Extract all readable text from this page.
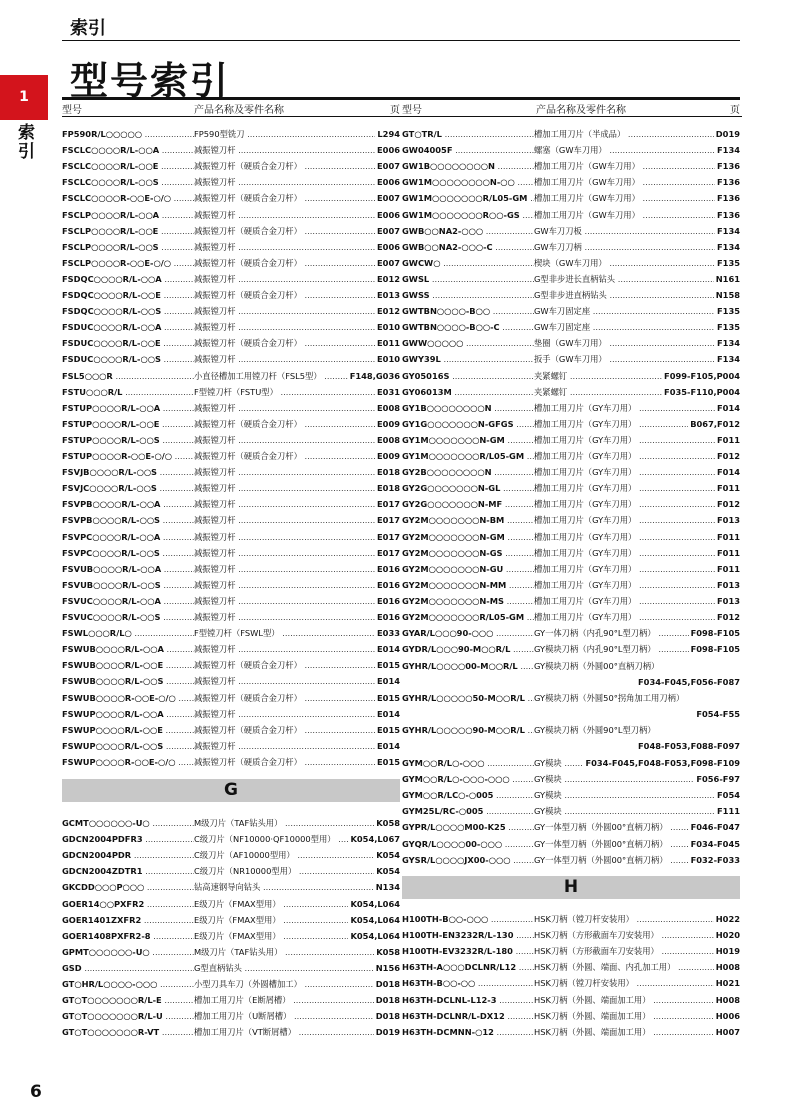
索引
型号索引
1
索引
型号	产品名称及零件名称	页
FP590R/L○○○○○ .....	FP590型铣刀 .....	L294
FSCLC○○○○R/L-○○A .....	减振镗刀杆 .....	E006
FSCLC○○○○R/L-○○E .....	减振镗刀杆（硬质合金刀杆） .....	E007
FSCLC○○○○R/L-○○S .....	减振镗刀杆 .....	E006
FSCLC○○○○R-○○E-○/○ .....	减振镗刀杆（硬质合金刀杆） .....	E007
FSCLP○○○○R/L-○○A .....	减振镗刀杆 .....	E006
FSCLP○○○○R/L-○○E .....	减振镗刀杆（硬质合金刀杆） .....	E007
FSCLP○○○○R/L-○○S .....	减振镗刀杆 .....	E006
FSCLP○○○○R-○○E-○/○ .....	减振镗刀杆（硬质合金刀杆） .....	E007
FSDQC○○○○R/L-○○A .....	减振镗刀杆 .....	E012
FSDQC○○○○R/L-○○E .....	减振镗刀杆（硬质合金刀杆） .....	E013
FSDQC○○○○R/L-○○S .....	减振镗刀杆 .....	E012
FSDUC○○○○R/L-○○A .....	减振镗刀杆 .....	E010
FSDUC○○○○R/L-○○E .....	减振镗刀杆（硬质合金刀杆） .....	E011
FSDUC○○○○R/L-○○S .....	减振镗刀杆 .....	E010
FSL5○○○R .....	小直径槽加工用镗刀杆（FSL5型） .....	F148,G036
FSTU○○○R/L .....	F型镗刀杆（FSTU型） .....	E031
FSTUP○○○○R/L-○○A .....	减振镗刀杆 .....	E008
FSTUP○○○○R/L-○○E .....	减振镗刀杆（硬质合金刀杆） .....	E009
FSTUP○○○○R/L-○○S .....	减振镗刀杆 .....	E008
FSTUP○○○○R-○○E-○/○ .....	减振镗刀杆（硬质合金刀杆） .....	E009
FSVJB○○○○R/L-○○S .....	减振镗刀杆 .....	E018
FSVJC○○○○R/L-○○S .....	减振镗刀杆 .....	E018
FSVPB○○○○R/L-○○A .....	减振镗刀杆 .....	E017
FSVPB○○○○R/L-○○S .....	减振镗刀杆 .....	E017
FSVPC○○○○R/L-○○A .....	减振镗刀杆 .....	E017
FSVPC○○○○R/L-○○S .....	减振镗刀杆 .....	E017
FSVUB○○○○R/L-○○A .....	减振镗刀杆 .....	E016
FSVUB○○○○R/L-○○S .....	减振镗刀杆 .....	E016
FSVUC○○○○R/L-○○A .....	减振镗刀杆 .....	E016
FSVUC○○○○R/L-○○S .....	减振镗刀杆 .....	E016
FSWL○○○R/L○ .....	F型镗刀杆（FSWL型） .....	E033
FSWUB○○○○R/L-○○A .....	减振镗刀杆 .....	E014
FSWUB○○○○R/L-○○E .....	减振镗刀杆（硬质合金刀杆） .....	E015
FSWUB○○○○R/L-○○S .....	减振镗刀杆 .....	E014
FSWUB○○○○R-○○E-○/○ .....	减振镗刀杆（硬质合金刀杆） .....	E015
FSWUP○○○○R/L-○○A .....	减振镗刀杆 .....	E014
FSWUP○○○○R/L-○○E .....	减振镗刀杆（硬质合金刀杆） .....	E015
FSWUP○○○○R/L-○○S .....	减振镗刀杆 .....	E014
FSWUP○○○○R-○○E-○/○ .....	减振镗刀杆（硬质合金刀杆） .....	E015
G
GCMT○○○○○○-U○ .....	M级刀片（TAF钻头用） .....	K058
GDCN2004PDFR3 .....	C级刀片（NF10000·QF10000型用） .....	K054,L067
GDCN2004PDR .....	C级刀片（AF10000型用） .....	K054
GDCN2004ZDTR1 .....	C级刀片（NR10000型用） .....	K054
GKCDD○○○P○○○ .....	钻高速钢导向钻头 .....	N134
GOER14○○PXFR2 .....	E级刀片（FMAX型用） .....	K054,L064
GOER1401ZXFR2 .....	E级刀片（FMAX型用） .....	K054,L064
GOER1408PXFR2-8 .....	E级刀片（FMAX型用） .....	K054,L064
GPMT○○○○○○-U○ .....	M级刀片（TAF钻头用） .....	K058
GSD .....	G型直柄钻头 .....	N156
GT○HR/L○○○○-○○○ .....	小型刀具车刀（外圆槽加工） .....	D018
GT○T○○○○○○○R/L-E .....	槽加工用刀片（E断屑槽） .....	D018
GT○T○○○○○○○R/L-U .....	槽加工用刀片（U断屑槽） .....	D018
GT○T○○○○○○○R-VT .....	槽加工用刀片（VT断屑槽） .....	D019
型号	产品名称及零件名称	页
GT○TR/L .....	槽加工用刀片（半成品） .....	D019
GW04005F .....	螺塞（GW车刀用） .....	F134
GW1B○○○○○○○○N .....	槽加工用刀片（GW车刀用） .....	F136
GW1M○○○○○○○○N-○○ .....	槽加工用刀片（GW车刀用） .....	F136
GW1M○○○○○○○R/L05-GM ..... 槽加工用刀片（GW车刀用） .....	F136
GW1M○○○○○○○R○○-GS .....	槽加工用刀片（GW车刀用） .....	F136
GWB○○NA2-○○○ .....	GW车刀刀板 .....	F134
GWB○○NA2-○○○-C .....	GW车刀刀柄 .....	F134
GWCW○ .....	楔块（GW车刀用） .....	F135
GWSL .....	G型非步进长直柄钻头 .....	N161
GWSS .....	G型非步进直柄钻头 .....	N158
GWTBN○○○○-B○○ .....	GW车刀固定座 .....	F135
GWTBN○○○○-B○○-C .....	GW车刀固定座 .....	F135
GWW○○○○○ .....	垫圈（GW车刀用） .....	F134
GWY39L .....	扳手（GW车刀用） .....	F134
GY05016S .....	夹紧螺钉 .....	F099-F105,P004
GY06013M .....	夹紧螺钉 .....	F035-F110,P004
GY1B○○○○○○○○N .....	槽加工用刀片（GY车刀用） .....	F014
GY1G○○○○○○○N-GFGS .....	槽加工用刀片（GY车刀用） .....	B067,F012
GY1M○○○○○○○N-GM .....	槽加工用刀片（GY车刀用） .....	F011
GY1M○○○○○○○R/L05-GM .....	槽加工用刀片（GY车刀用） .....	F012
GY2B○○○○○○○○N .....	槽加工用刀片（GY车刀用） .....	F014
GY2G○○○○○○○N-GL .....	槽加工用刀片（GY车刀用） .....	F011
GY2G○○○○○○○N-MF .....	槽加工用刀片（GY车刀用） .....	F012
GY2M○○○○○○○N-BM .....	槽加工用刀片（GY车刀用） .....	F013
GY2M○○○○○○○N-GM .....	槽加工用刀片（GY车刀用） .....	F011
GY2M○○○○○○○N-GS .....	槽加工用刀片（GY车刀用） .....	F011
GY2M○○○○○○○N-GU .....	槽加工用刀片（GY车刀用） .....	F011
GY2M○○○○○○○N-MM .....	槽加工用刀片（GY车刀用） .....	F013
GY2M○○○○○○○N-MS .....	槽加工用刀片（GY车刀用） .....	F013
GY2M○○○○○○○R/L05-GM .....	槽加工用刀片（GY车刀用） .....	F012
GYAR/L○○○90-○○○ .....	GY一体刀柄（内孔90°L型刀柄） .....	F098-F105
GYDR/L○○○90-M○○R/L .....	GY模块刀柄（内孔90°L型刀柄） .....	F098-F105
GYHR/L○○○○00-M○○R/L .....	GY模块刀柄（外圆00°直柄刀柄）
F034-F045,F056-F087
GYHR/L○○○○○50-M○○R/L .....	GY模块刀柄（外圆50°拐角加工用刀柄）
F054-F55
GYHR/L○○○○○90-M○○R/L .....	GY模块刀柄（外圆90°L型刀柄）
F048-F053,F088-F097
GYM○○R/L○-○○○ .....	GY模块 .....	F034-F045,F048-F053,F098-F109
GYM○○R/L○-○○○-○○○ .....	GY模块 .....	F056-F97
GYM○○R/LC○-○005 .....	GY模块 .....	F054
GYM25L/RC-○005 .....	GY模块 .....	F111
GYPR/L○○○○M00-K25 .....	GY一体型刀柄（外圆00°直柄刀柄） .....	F046-F047
GYQR/L○○○○00-○○○ .....	GY一体型刀柄（外圆00°直柄刀柄） .....	F034-F045
GYSR/L○○○○JX00-○○○ .....	GY一体型刀柄（外圆00°直柄刀柄） .....	F032-F033
H
H100TH-B○○-○○○ .....	HSK刀柄（镗刀杆安装用） .....	H022
H100TH-EN3232R/L-130 .....	HSK刀柄（方形截面车刀安装用） .....	H020
H100TH-EV3232R/L-180 .....	HSK刀柄（方形截面车刀安装用） .....	H019
H63TH-A○○○DCLNR/L12 .....	HSK刀柄（外圆、端面、内孔加工用） .....	H008
H63TH-B○○-○○ .....	HSK刀柄（镗刀杆安装用） .....	H021
H63TH-DCLNL-L12-3 .....	HSK刀柄（外圆、端面加工用） .....	H008
H63TH-DCLNR/L-DX12 .....	HSK刀柄（外圆、端面加工用） .....	H006
H63TH-DCMNN-○12 .....	HSK刀柄（外圆、端面加工用） .....	H007
6
